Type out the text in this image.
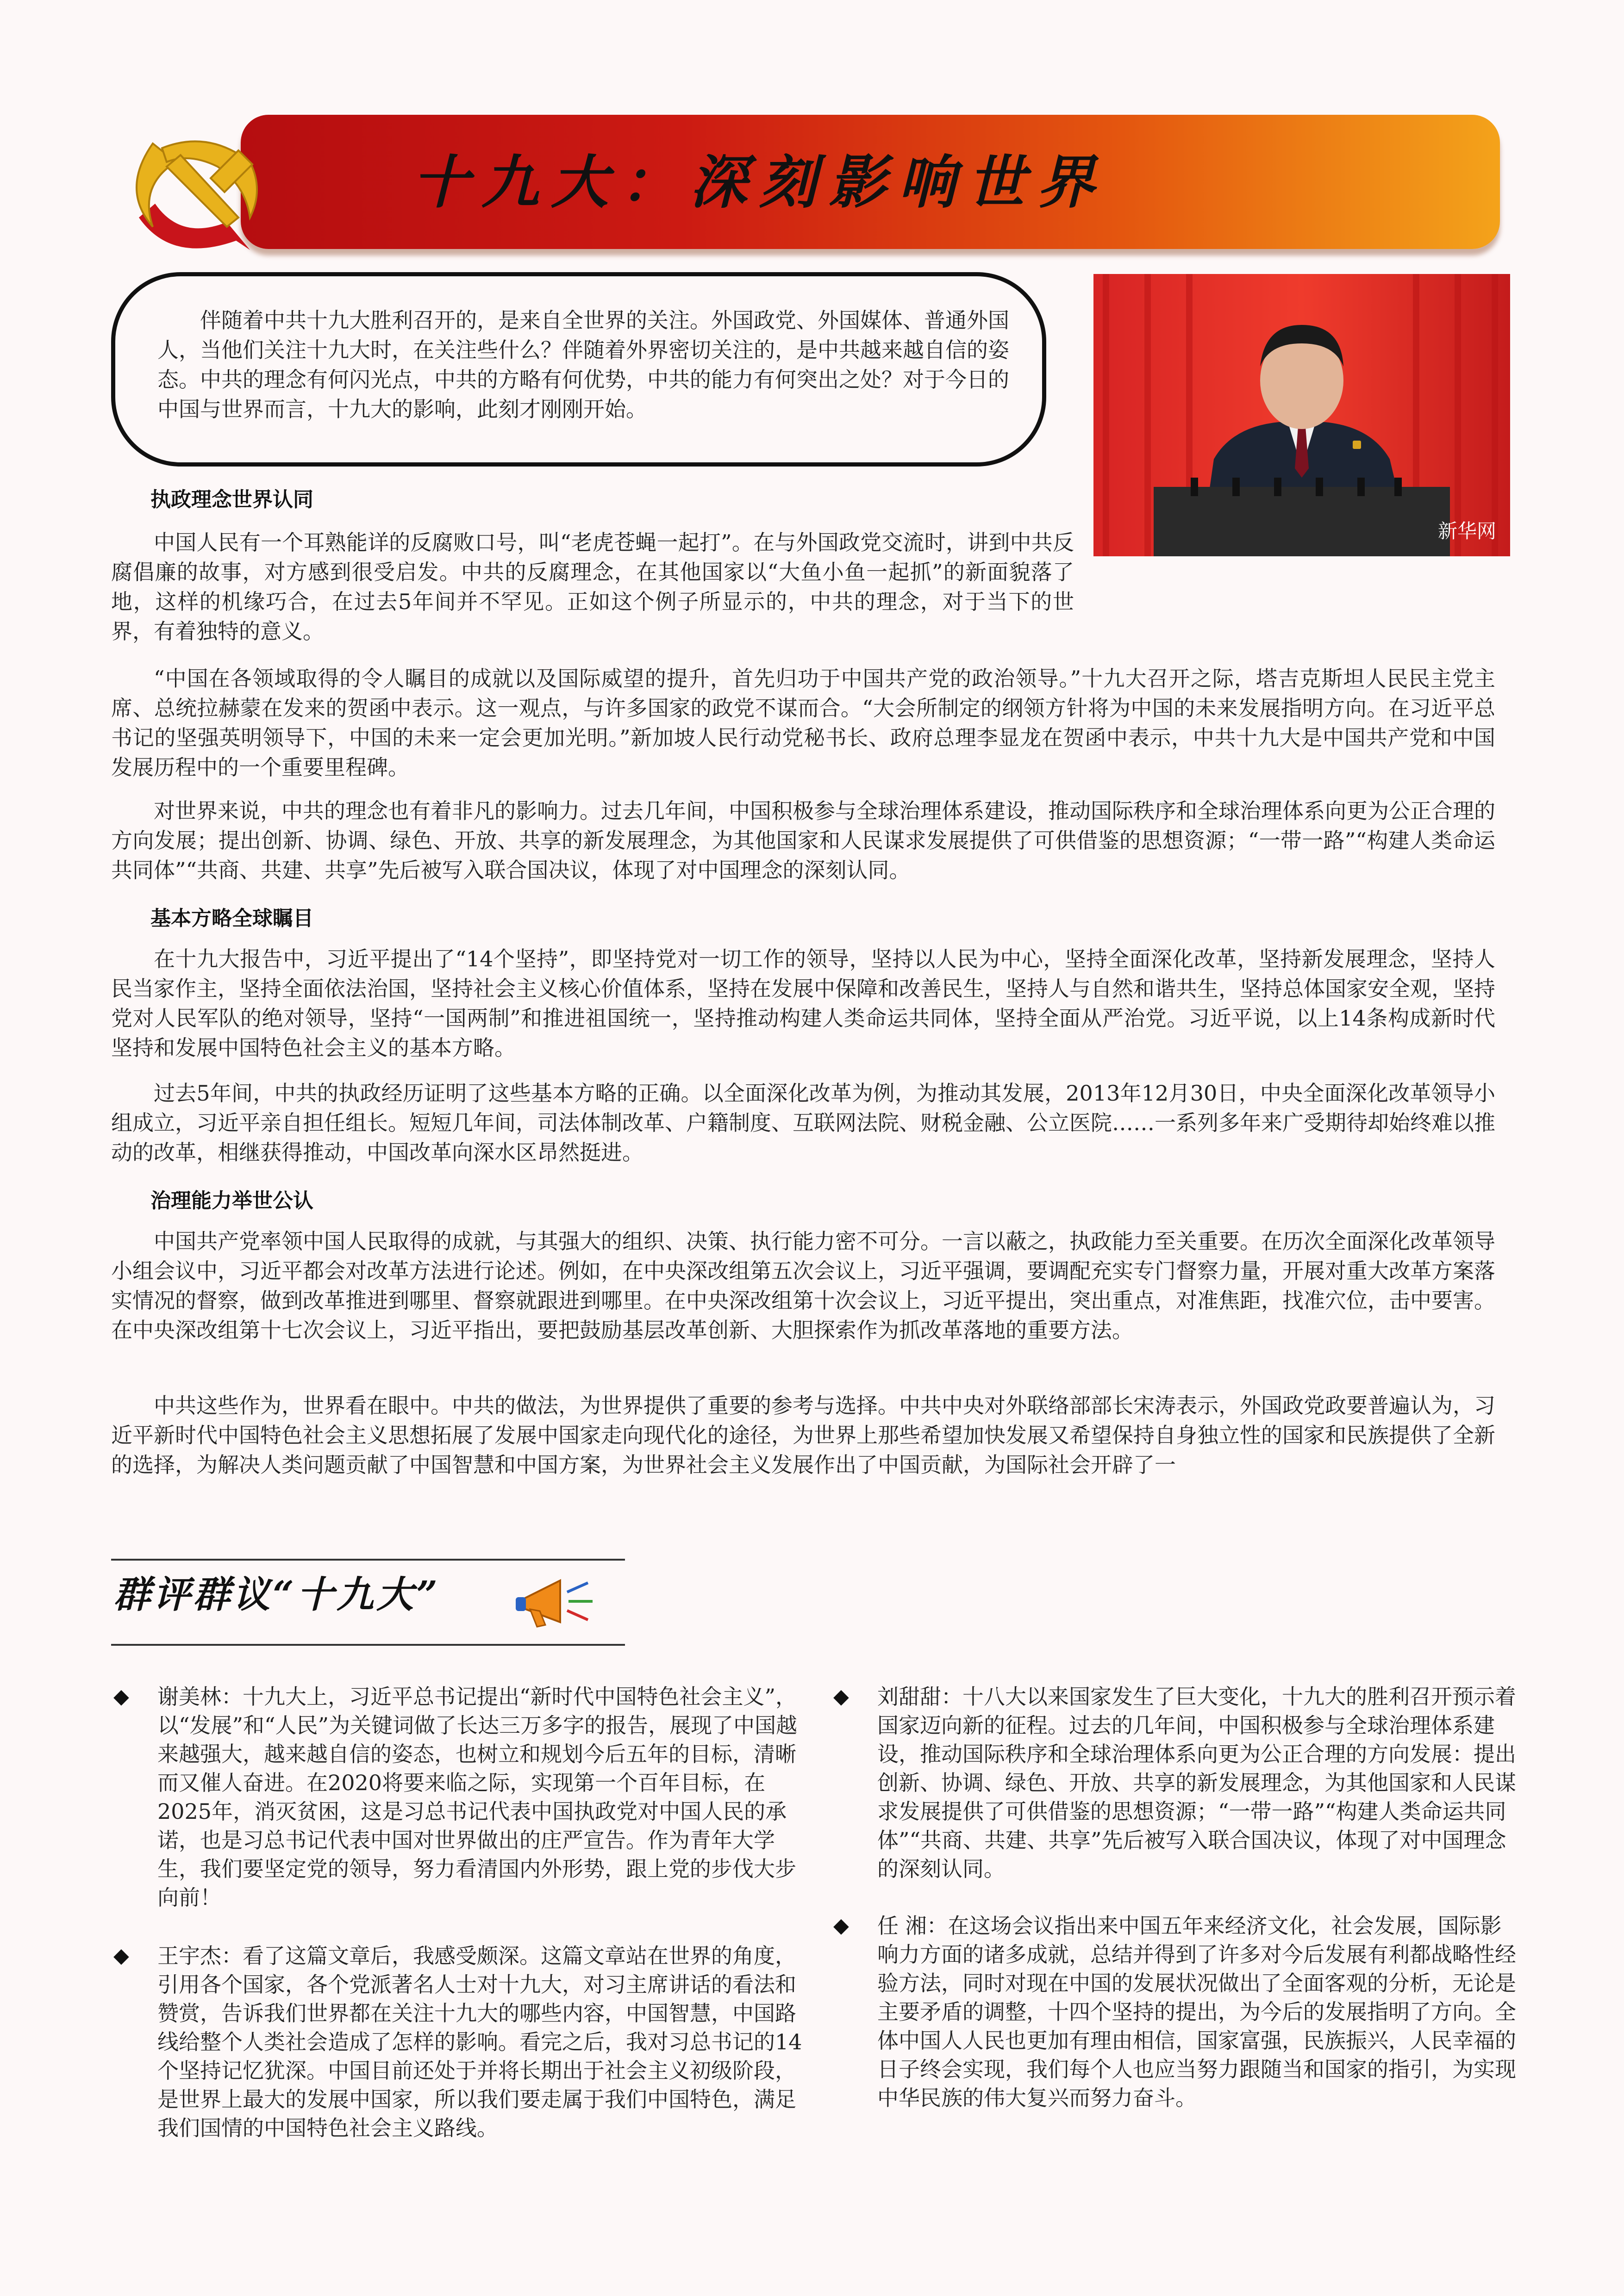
十九大：深刻影响世界
伴随着中共十九大胜利召开的，是来自全世界的关注。外国政党、外国媒体、普通外国人，当他们关注十九大时，在关注些什么？伴随着外界密切关注的，是中共越来越自信的姿态。中共的理念有何闪光点，中共的方略有何优势，中共的能力有何突出之处？对于今日的中国与世界而言，十九大的影响，此刻才刚刚开始。
新华网
执政理念世界认同
中国人民有一个耳熟能详的反腐败口号，叫“老虎苍蝇一起打”。在与外国政党交流时，讲到中共反腐倡廉的故事，对方感到很受启发。中共的反腐理念，在其他国家以“大鱼小鱼一起抓”的新面貌落了地，这样的机缘巧合，在过去5年间并不罕见。正如这个例子所显示的，中共的理念，对于当下的世界，有着独特的意义。
“中国在各领域取得的令人瞩目的成就以及国际威望的提升，首先归功于中国共产党的政治领导。”十九大召开之际，塔吉克斯坦人民民主党主席、总统拉赫蒙在发来的贺函中表示。这一观点，与许多国家的政党不谋而合。“大会所制定的纲领方针将为中国的未来发展指明方向。在习近平总书记的坚强英明领导下，中国的未来一定会更加光明。”新加坡人民行动党秘书长、政府总理李显龙在贺函中表示，中共十九大是中国共产党和中国发展历程中的一个重要里程碑。
对世界来说，中共的理念也有着非凡的影响力。过去几年间，中国积极参与全球治理体系建设，推动国际秩序和全球治理体系向更为公正合理的方向发展；提出创新、协调、绿色、开放、共享的新发展理念，为其他国家和人民谋求发展提供了可供借鉴的思想资源；“一带一路”“构建人类命运共同体”“共商、共建、共享”先后被写入联合国决议，体现了对中国理念的深刻认同。
基本方略全球瞩目
在十九大报告中，习近平提出了“14个坚持”，即坚持党对一切工作的领导，坚持以人民为中心，坚持全面深化改革，坚持新发展理念，坚持人民当家作主，坚持全面依法治国，坚持社会主义核心价值体系，坚持在发展中保障和改善民生，坚持人与自然和谐共生，坚持总体国家安全观，坚持党对人民军队的绝对领导，坚持“一国两制”和推进祖国统一，坚持推动构建人类命运共同体，坚持全面从严治党。习近平说，以上14条构成新时代坚持和发展中国特色社会主义的基本方略。
过去5年间，中共的执政经历证明了这些基本方略的正确。以全面深化改革为例，为推动其发展，2013年12月30日，中央全面深化改革领导小组成立，习近平亲自担任组长。短短几年间，司法体制改革、户籍制度、互联网法院、财税金融、公立医院……一系列多年来广受期待却始终难以推动的改革，相继获得推动，中国改革向深水区昂然挺进。
治理能力举世公认
中国共产党率领中国人民取得的成就，与其强大的组织、决策、执行能力密不可分。一言以蔽之，执政能力至关重要。在历次全面深化改革领导小组会议中，习近平都会对改革方法进行论述。例如，在中央深改组第五次会议上，习近平强调，要调配充实专门督察力量，开展对重大改革方案落实情况的督察，做到改革推进到哪里、督察就跟进到哪里。在中央深改组第十次会议上，习近平提出，突出重点，对准焦距，找准穴位，击中要害。在中央深改组第十七次会议上，习近平指出，要把鼓励基层改革创新、大胆探索作为抓改革落地的重要方法。
中共这些作为，世界看在眼中。中共的做法，为世界提供了重要的参考与选择。中共中央对外联络部部长宋涛表示，外国政党政要普遍认为，习近平新时代中国特色社会主义思想拓展了发展中国家走向现代化的途径，为世界上那些希望加快发展又希望保持自身独立性的国家和民族提供了全新的选择，为解决人类问题贡献了中国智慧和中国方案，为世界社会主义发展作出了中国贡献，为国际社会开辟了一
群评群议“十九大”
◆ 谢美林：十九大上，习近平总书记提出“新时代中国特色社会主义”，以“发展”和“人民”为关键词做了长达三万多字的报告，展现了中国越来越强大，越来越自信的姿态，也树立和规划今后五年的目标，清晰而又催人奋进。在2020将要来临之际，实现第一个百年目标，在2025年，消灭贫困，这是习总书记代表中国执政党对中国人民的承诺，也是习总书记代表中国对世界做出的庄严宣告。作为青年大学生，我们要坚定党的领导，努力看清国内外形势，跟上党的步伐大步向前！
◆ 王宇杰：看了这篇文章后，我感受颇深。这篇文章站在世界的角度，引用各个国家，各个党派著名人士对十九大，对习主席讲话的看法和赞赏，告诉我们世界都在关注十九大的哪些内容，中国智慧，中国路线给整个人类社会造成了怎样的影响。看完之后，我对习总书记的14个坚持记忆犹深。中国目前还处于并将长期出于社会主义初级阶段，是世界上最大的发展中国家，所以我们要走属于我们中国特色，满足我们国情的中国特色社会主义路线。
◆ 刘甜甜：十八大以来国家发生了巨大变化，十九大的胜利召开预示着国家迈向新的征程。过去的几年间，中国积极参与全球治理体系建设，推动国际秩序和全球治理体系向更为公正合理的方向发展：提出创新、协调、绿色、开放、共享的新发展理念，为其他国家和人民谋求发展提供了可供借鉴的思想资源；“一带一路”“构建人类命运共同体”“共商、共建、共享”先后被写入联合国决议，体现了对中国理念的深刻认同。
◆ 任 湘：在这场会议指出来中国五年来经济文化，社会发展，国际影响力方面的诸多成就，总结并得到了许多对今后发展有利都战略性经验方法，同时对现在中国的发展状况做出了全面客观的分析，无论是主要矛盾的调整，十四个坚持的提出，为今后的发展指明了方向。全体中国人人民也更加有理由相信，国家富强，民族振兴，人民幸福的日子终会实现，我们每个人也应当努力跟随当和国家的指引，为实现中华民族的伟大复兴而努力奋斗。
